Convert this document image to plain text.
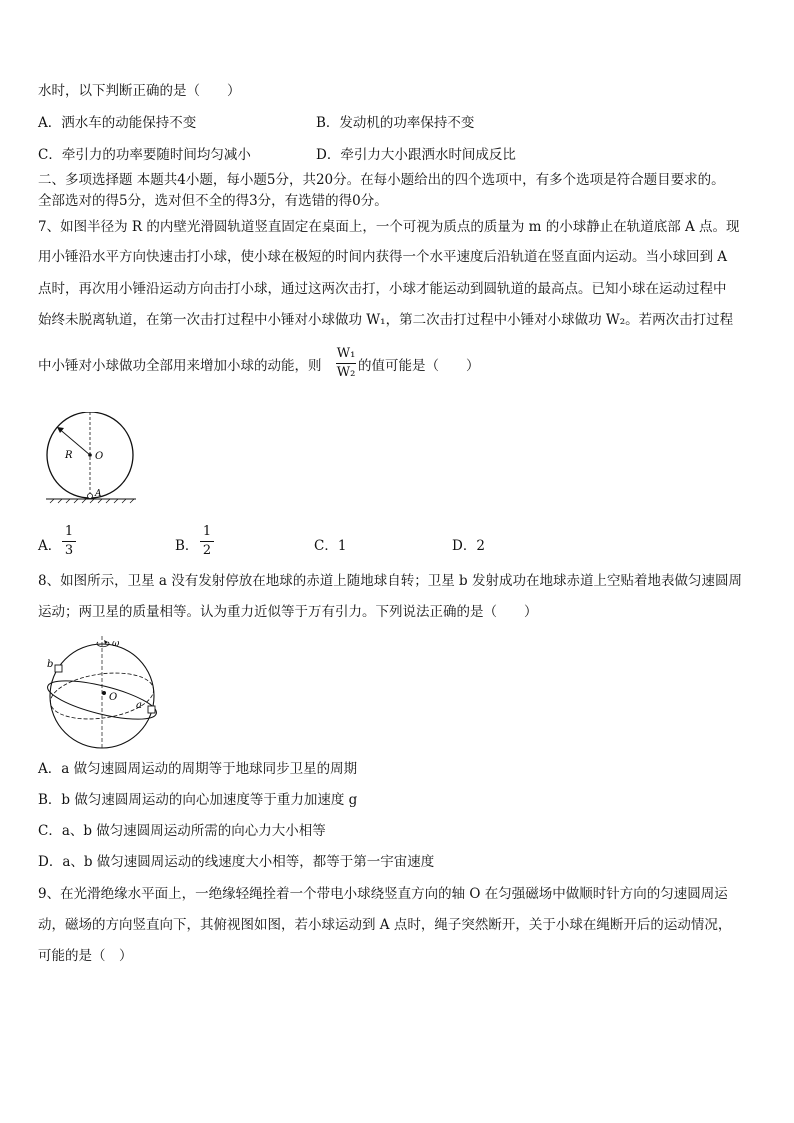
水时，以下判断正确的是（　　）
A．洒水车的动能保持不变	B．发动机的功率保持不变
C．牵引力的功率要随时间均匀减小	D．牵引力大小跟洒水时间成反比
二、多项选择题 本题共4小题，每小题5分，共20分。在每小题给出的四个选项中，有多个选项是符合题目要求的。
全部选对的得5分，选对但不全的得3分，有选错的得0分。
7、如图半径为 R 的内壁光滑圆轨道竖直固定在桌面上，一个可视为质点的质量为 m 的小球静止在轨道底部 A 点。现
用小锤沿水平方向快速击打小球，使小球在极短的时间内获得一个水平速度后沿轨道在竖直面内运动。当小球回到 A
点时，再次用小锤沿运动方向击打小球，通过这两次击打，小球才能运动到圆轨道的最高点。已知小球在运动过程中
始终未脱离轨道，在第一次击打过程中小锤对小球做功 W₁，第二次击打过程中小锤对小球做功 W₂。若两次击打过程
中小锤对小球做功全部用来增加小球的动能，则
W₁
W₂ 的值可能是（　　）
R O
A
A．
1
3	B．
1
2	C．1	D．2
8、如图所示，卫星 a 没有发射停放在地球的赤道上随地球自转；卫星 b 发射成功在地球赤道上空贴着地表做匀速圆周
运动；两卫星的质量相等。认为重力近似等于万有引力。下列说法正确的是（　　）
b
O
a
ω
A．a 做匀速圆周运动的周期等于地球同步卫星的周期
B．b 做匀速圆周运动的向心加速度等于重力加速度 g
C．a、b 做匀速圆周运动所需的向心力大小相等
D．a、b 做匀速圆周运动的线速度大小相等，都等于第一宇宙速度
9、在光滑绝缘水平面上，一绝缘轻绳拴着一个带电小球绕竖直方向的轴 O 在匀强磁场中做顺时针方向的匀速圆周运
动，磁场的方向竖直向下，其俯视图如图，若小球运动到 A 点时，绳子突然断开，关于小球在绳断开后的运动情况，
可能的是（　）
